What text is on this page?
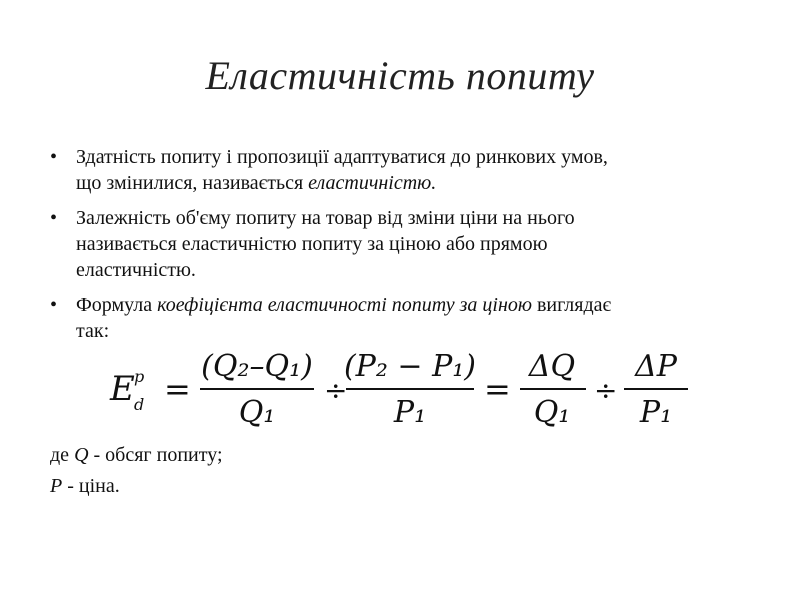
Еластичність попиту
• Здатність попиту і пропозиції адаптуватися до ринкових умов,
що змінилися, називається еластичністю.
• Залежність об'єму попиту на товар від зміни ціни на нього
називається еластичністю попиту за ціною або прямою
еластичністю.
• Формула коефіцієнта еластичності попиту за ціною виглядає
так:
E p
d =
(Q₂–Q₁)
Q₁
÷
(P₂ − P₁)
P₁
=
ΔQ
Q₁
÷
ΔP
P₁
де Q - обсяг попиту;
P - ціна.
